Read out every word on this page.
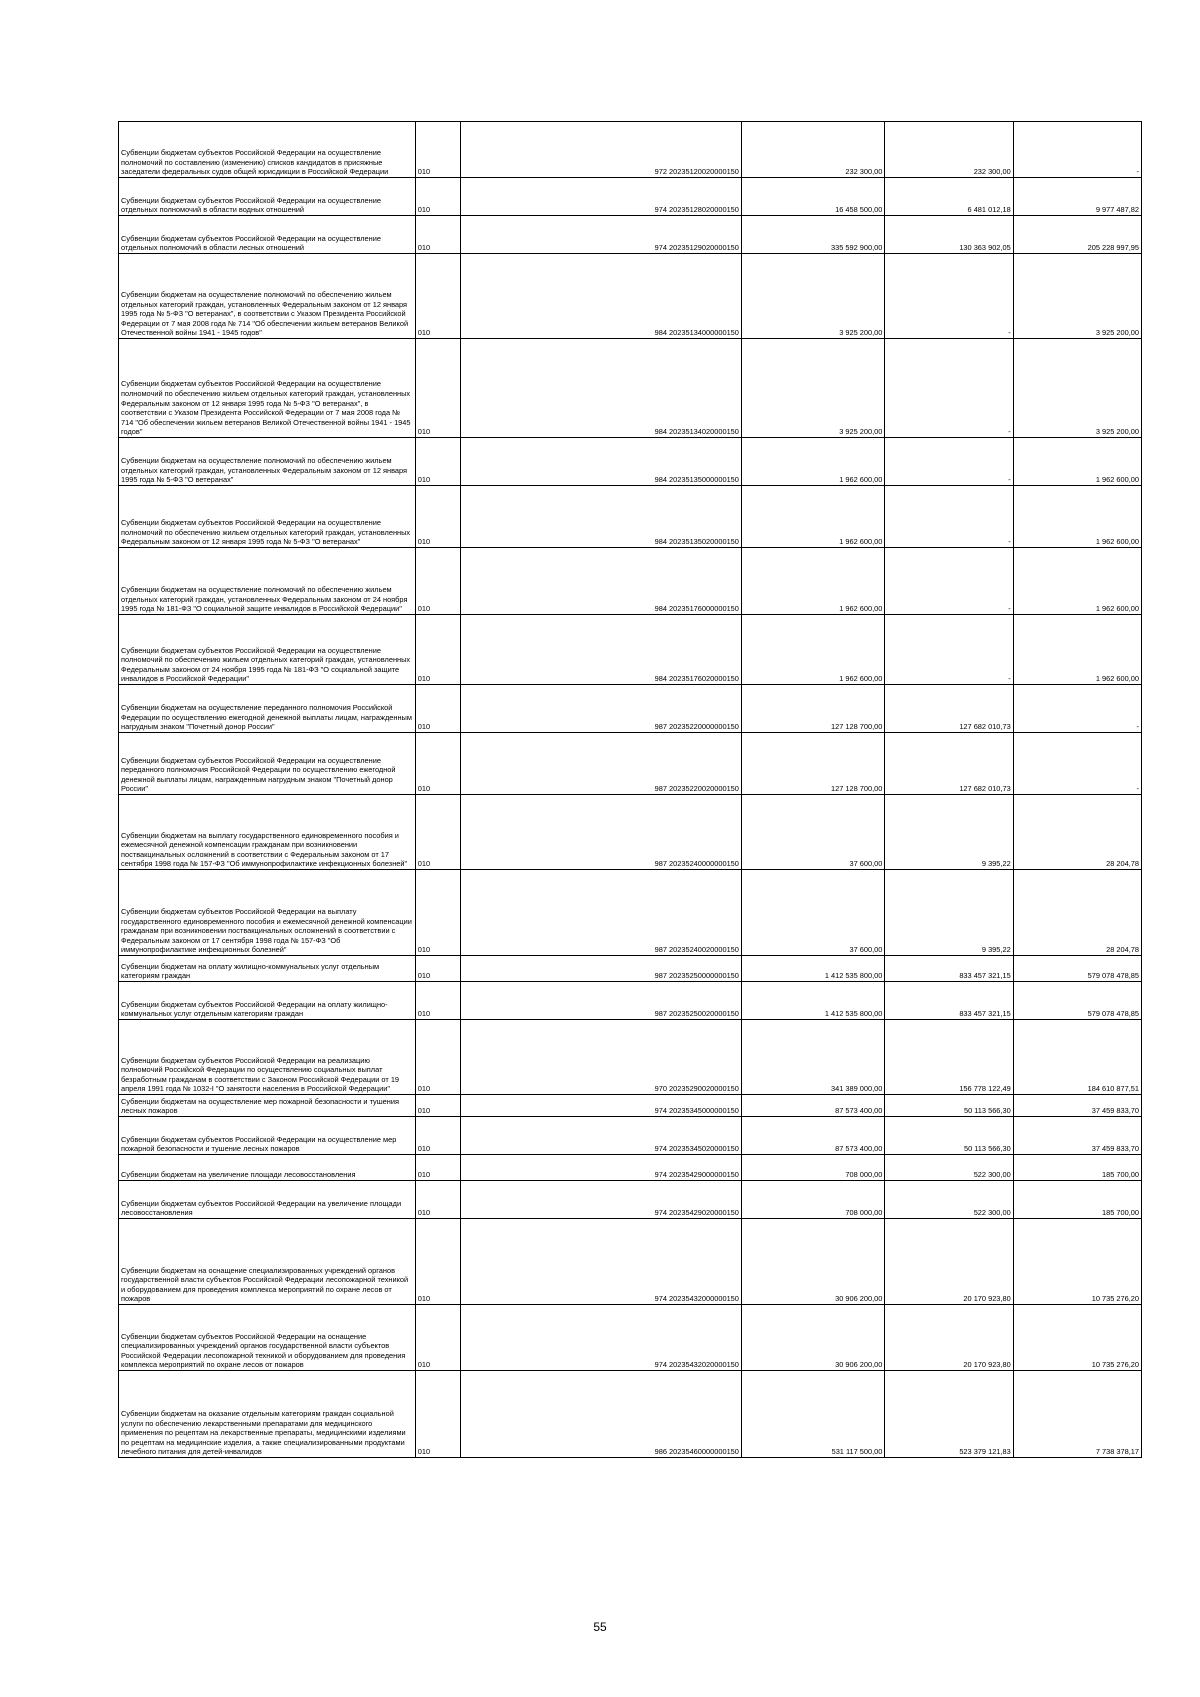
Субвенции бюджетам субъектов Российской Федерации на осуществление полномочий по составлению (изменению) списков кандидатов в присяжные заседатели федеральных судов общей юрисдикции в Российской Федерации	010	972 20235120020000150	232 300,00	232 300,00	-
Субвенции бюджетам субъектов Российской Федерации на осуществление отдельных полномочий в области водных отношений	010	974 20235128020000150	16 458 500,00	6 481 012,18	9 977 487,82
Субвенции бюджетам субъектов Российской Федерации на осуществление отдельных полномочий в области лесных отношений	010	974 20235129020000150	335 592 900,00	130 363 902,05	205 228 997,95
Субвенции бюджетам на осуществление полномочий по обеспечению жильем отдельных категорий граждан, установленных Федеральным законом от 12 января 1995 года № 5-ФЗ "О ветеранах", в соответствии с Указом Президента Российской Федерации от 7 мая 2008 года № 714 "Об обеспечении жильем ветеранов Великой Отечественной войны 1941 - 1945 годов"	010	984 20235134000000150	3 925 200,00	-	3 925 200,00
Субвенции бюджетам субъектов Российской Федерации на осуществление полномочий по обеспечению жильем отдельных категорий граждан, установленных Федеральным законом от 12 января 1995 года № 5-ФЗ "О ветеранах", в соответствии с Указом Президента Российской Федерации от 7 мая 2008 года № 714 "Об обеспечении жильем ветеранов Великой Отечественной войны 1941 - 1945 годов"	010	984 20235134020000150	3 925 200,00	-	3 925 200,00
Субвенции бюджетам на осуществление полномочий по обеспечению жильем отдельных категорий граждан, установленных Федеральным законом от 12 января 1995 года № 5-ФЗ "О ветеранах"	010	984 20235135000000150	1 962 600,00	-	1 962 600,00
Субвенции бюджетам субъектов Российской Федерации на осуществление полномочий по обеспечению жильем отдельных категорий граждан, установленных Федеральным законом от 12 января 1995 года № 5-ФЗ "О ветеранах"	010	984 20235135020000150	1 962 600,00	-	1 962 600,00
Субвенции бюджетам на осуществление полномочий по обеспечению жильем отдельных категорий граждан, установленных Федеральным законом от 24 ноября 1995 года № 181-ФЗ "О социальной защите инвалидов в Российской Федерации"	010	984 20235176000000150	1 962 600,00	-	1 962 600,00
Субвенции бюджетам субъектов Российской Федерации на осуществление полномочий по обеспечению жильем отдельных категорий граждан, установленных Федеральным законом от 24 ноября 1995 года № 181-ФЗ "О социальной защите инвалидов в Российской Федерации"	010	984 20235176020000150	1 962 600,00	-	1 962 600,00
Субвенции бюджетам на осуществление переданного полномочия Российской Федерации по осуществлению ежегодной денежной выплаты лицам, награжденным нагрудным знаком "Почетный донор России"	010	987 20235220000000150	127 128 700,00	127 682 010,73	-
Субвенции бюджетам субъектов Российской Федерации на осуществление переданного полномочия Российской Федерации по осуществлению ежегодной денежной выплаты лицам, награжденным нагрудным знаком "Почетный донор России"	010	987 20235220020000150	127 128 700,00	127 682 010,73	-
Субвенции бюджетам на выплату государственного единовременного пособия и ежемесячной денежной компенсации гражданам при возникновении поствакцинальных осложнений в соответствии с Федеральным законом от 17 сентября 1998 года № 157-ФЗ "Об иммунопрофилактике инфекционных болезней"	010	987 20235240000000150	37 600,00	9 395,22	28 204,78
Субвенции бюджетам субъектов Российской Федерации на выплату государственного единовременного пособия и ежемесячной денежной компенсации гражданам при возникновении поствакцинальных осложнений в соответствии с Федеральным законом от 17 сентября 1998 года № 157-ФЗ "Об иммунопрофилактике инфекционных болезней"	010	987 20235240020000150	37 600,00	9 395,22	28 204,78
Субвенции бюджетам на оплату жилищно-коммунальных услуг отдельным категориям граждан	010	987 20235250000000150	1 412 535 800,00	833 457 321,15	579 078 478,85
Субвенции бюджетам субъектов Российской Федерации на оплату жилищно-коммунальных услуг отдельным категориям граждан	010	987 20235250020000150	1 412 535 800,00	833 457 321,15	579 078 478,85
Субвенции бюджетам субъектов Российской Федерации на реализацию полномочий Российской Федерации по осуществлению социальных выплат безработным гражданам в соответствии с Законом Российской Федерации от 19 апреля 1991 года № 1032-I "О занятости населения в Российской Федерации"	010	970 20235290020000150	341 389 000,00	156 778 122,49	184 610 877,51
Субвенции бюджетам на осуществление мер пожарной безопасности и тушения лесных пожаров	010	974 20235345000000150	87 573 400,00	50 113 566,30	37 459 833,70
Субвенции бюджетам субъектов Российской Федерации на осуществление мер пожарной безопасности и тушение лесных пожаров	010	974 20235345020000150	87 573 400,00	50 113 566,30	37 459 833,70
Субвенции бюджетам на увеличение площади лесовосстановления	010	974 20235429000000150	708 000,00	522 300,00	185 700,00
Субвенции бюджетам субъектов Российской Федерации на увеличение площади лесовосстановления	010	974 20235429020000150	708 000,00	522 300,00	185 700,00
Субвенции бюджетам на оснащение специализированных учреждений органов государственной власти субъектов Российской Федерации лесопожарной техникой и оборудованием для проведения комплекса мероприятий по охране лесов от пожаров	010	974 20235432000000150	30 906 200,00	20 170 923,80	10 735 276,20
Субвенции бюджетам субъектов Российской Федерации на оснащение специализированных учреждений органов государственной власти субъектов Российской Федерации лесопожарной техникой и оборудованием для проведения комплекса мероприятий по охране лесов от пожаров	010	974 20235432020000150	30 906 200,00	20 170 923,80	10 735 276,20
Субвенции бюджетам на оказание отдельным категориям граждан социальной услуги по обеспечению лекарственными препаратами для медицинского применения по рецептам на лекарственные препараты, медицинскими изделиями по рецептам на медицинские изделия, а также специализированными продуктами лечебного питания для детей-инвалидов	010	986 20235460000000150	531 117 500,00	523 379 121,83	7 738 378,17
55
